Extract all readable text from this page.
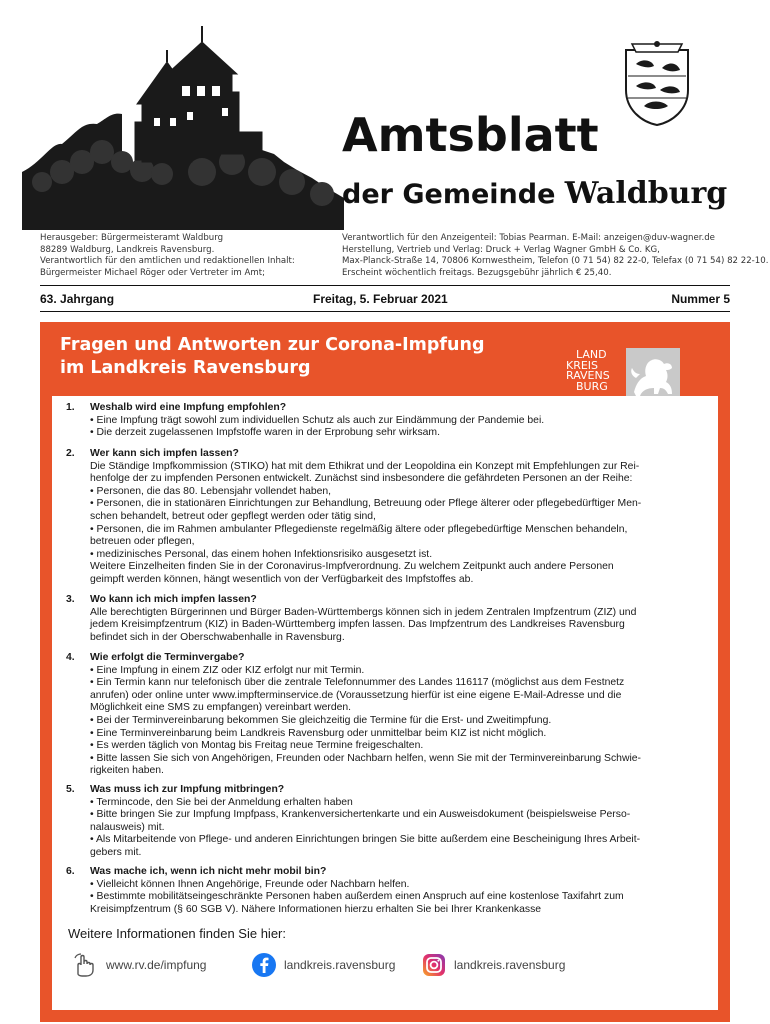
Amtsblatt
der Gemeinde Waldburg
Herausgeber: Bürgermeisteramt Waldburg
88289 Waldburg, Landkreis Ravensburg.
Verantwortlich für den amtlichen und redaktionellen Inhalt:
Bürgermeister Michael Röger oder Vertreter im Amt;
Verantwortlich für den Anzeigenteil: Tobias Pearman. E-Mail: anzeigen@duv-wagner.de
Herstellung, Vertrieb und Verlag: Druck + Verlag Wagner GmbH & Co. KG,
Max-Planck-Straße 14, 70806 Kornwestheim, Telefon (0 71 54) 82 22-0, Telefax (0 71 54) 82 22-10.
Erscheint wöchentlich freitags. Bezugsgebühr jährlich € 25,40.
63. Jahrgang	Freitag, 5. Februar 2021	Nummer 5
Fragen und Antworten zur Corona-Impfung
im Landkreis Ravensburg
LAND
KREIS
RAVENS
BURG
1. Weshalb wird eine Impfung empfohlen?
• Eine Impfung trägt sowohl zum individuellen Schutz als auch zur Eindämmung der Pandemie bei.
• Die derzeit zugelassenen Impfstoffe waren in der Erprobung sehr wirksam.
2. Wer kann sich impfen lassen?
Die Ständige Impfkommission (STIKO) hat mit dem Ethikrat und der Leopoldina ein Konzept mit Empfehlungen zur Rei-
henfolge der zu impfenden Personen entwickelt. Zunächst sind insbesondere die gefährdeten Personen an der Reihe:
• Personen, die das 80. Lebensjahr vollendet haben,
• Personen, die in stationären Einrichtungen zur Behandlung, Betreuung oder Pflege älterer oder pflegebedürftiger Men-
schen behandelt, betreut oder gepflegt werden oder tätig sind,
• Personen, die im Rahmen ambulanter Pflegedienste regelmäßig ältere oder pflegebedürftige Menschen behandeln,
betreuen oder pflegen,
• medizinisches Personal, das einem hohen Infektionsrisiko ausgesetzt ist.
Weitere Einzelheiten finden Sie in der Coronavirus-Impfverordnung. Zu welchem Zeitpunkt auch andere Personen
geimpft werden können, hängt wesentlich von der Verfügbarkeit des Impfstoffes ab.
3. Wo kann ich mich impfen lassen?
Alle berechtigten Bürgerinnen und Bürger Baden-Württembergs können sich in jedem Zentralen Impfzentrum (ZIZ) und
jedem Kreisimpfzentrum (KIZ) in Baden-Württemberg impfen lassen. Das Impfzentrum des Landkreises Ravensburg
befindet sich in der Oberschwabenhalle in Ravensburg.
4. Wie erfolgt die Terminvergabe?
• Eine Impfung in einem ZIZ oder KIZ erfolgt nur mit Termin.
• Ein Termin kann nur telefonisch über die zentrale Telefonnummer des Landes 116117 (möglichst aus dem Festnetz
anrufen) oder online unter www.impfterminservice.de (Voraussetzung hierfür ist eine eigene E-Mail-Adresse und die
Möglichkeit eine SMS zu empfangen) vereinbart werden.
• Bei der Terminvereinbarung bekommen Sie gleichzeitig die Termine für die Erst- und Zweitimpfung.
• Eine Terminvereinbarung beim Landkreis Ravensburg oder unmittelbar beim KIZ ist nicht möglich.
• Es werden täglich von Montag bis Freitag neue Termine freigeschalten.
• Bitte lassen Sie sich von Angehörigen, Freunden oder Nachbarn helfen, wenn Sie mit der Terminvereinbarung Schwie-
rigkeiten haben.
5. Was muss ich zur Impfung mitbringen?
• Termincode, den Sie bei der Anmeldung erhalten haben
• Bitte bringen Sie zur Impfung Impfpass, Krankenversichertenkarte und ein Ausweisdokument (beispielsweise Perso-
nalausweis) mit.
• Als Mitarbeitende von Pflege- und anderen Einrichtungen bringen Sie bitte außerdem eine Bescheinigung Ihres Arbeit-
gebers mit.
6. Was mache ich, wenn ich nicht mehr mobil bin?
• Vielleicht können Ihnen Angehörige, Freunde oder Nachbarn helfen.
• Bestimmte mobilitätseingeschränkte Personen haben außerdem einen Anspruch auf eine kostenlose Taxifahrt zum
Kreisimpfzentrum (§ 60 SGB V). Nähere Informationen hierzu erhalten Sie bei Ihrer Krankenkasse
Weitere Informationen finden Sie hier:
www.rv.de/impfung	landkreis.ravensburg	landkreis.ravensburg
